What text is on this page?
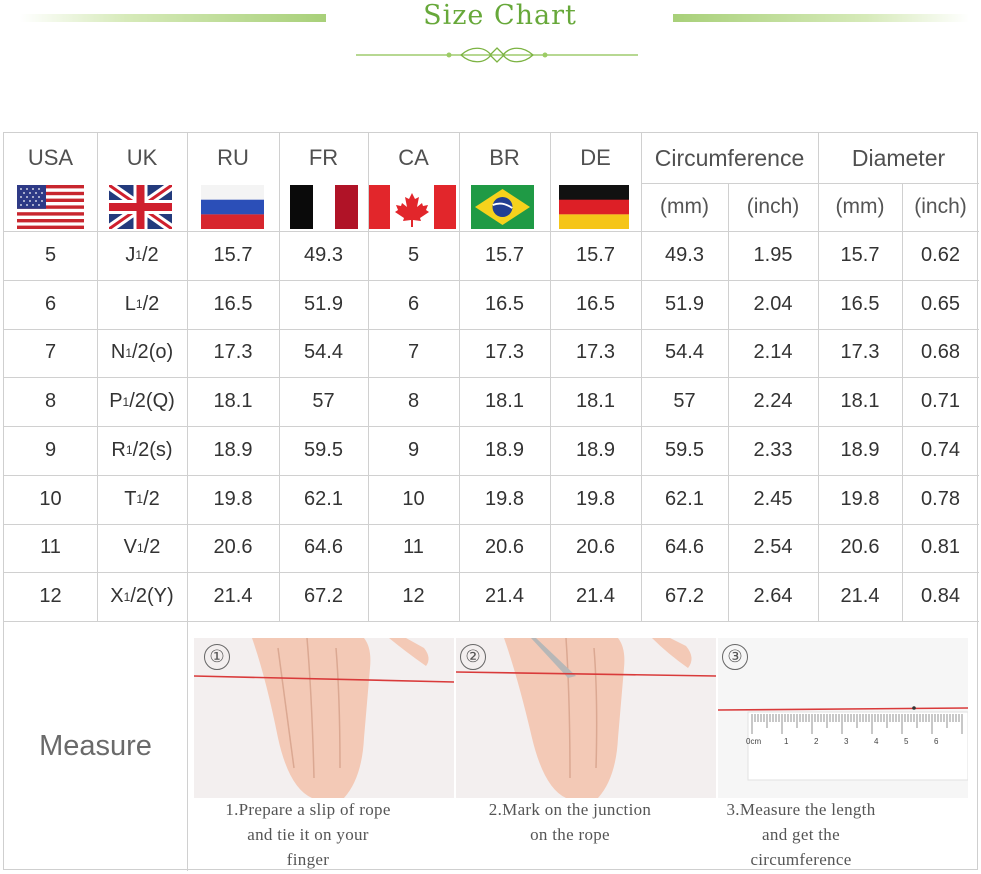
Size Chart
USA	UK	RU	FR	CA	BR	DE	Circumference	Diameter
(mm)	(inch)	(mm)	(inch)
5	J 1 /2	15.7	49.3	5	15.7	15.7	49.3	1.95	15.7	0.62
6	L 1 /2	16.5	51.9	6	16.5	16.5	51.9	2.04	16.5	0.65
7	N 1 /2 (o)	17.3	54.4	7	17.3	17.3	54.4	2.14	17.3	0.68
8	P 1 /2 (Q)	18.1	57	8	18.1	18.1	57	2.24	18.1	0.71
9	R 1 /2 (s)	18.9	59.5	9	18.9	18.9	59.5	2.33	18.9	0.74
10	T 1 /2	19.8	62.1	10	19.8	19.8	62.1	2.45	19.8	0.78
11	V 1 /2	20.6	64.6	11	20.6	20.6	64.6	2.54	20.6	0.81
12	X 1 /2 (Y)	21.4	67.2	12	21.4	21.4	67.2	2.64	21.4	0.84
Measure
①	②
0cm	1	2	3	4	5	6
③
1.Prepare a slip of rope
and tie it on your
finger
2.Mark on the junction
on the rope
3.Measure the length
and get the
circumference
